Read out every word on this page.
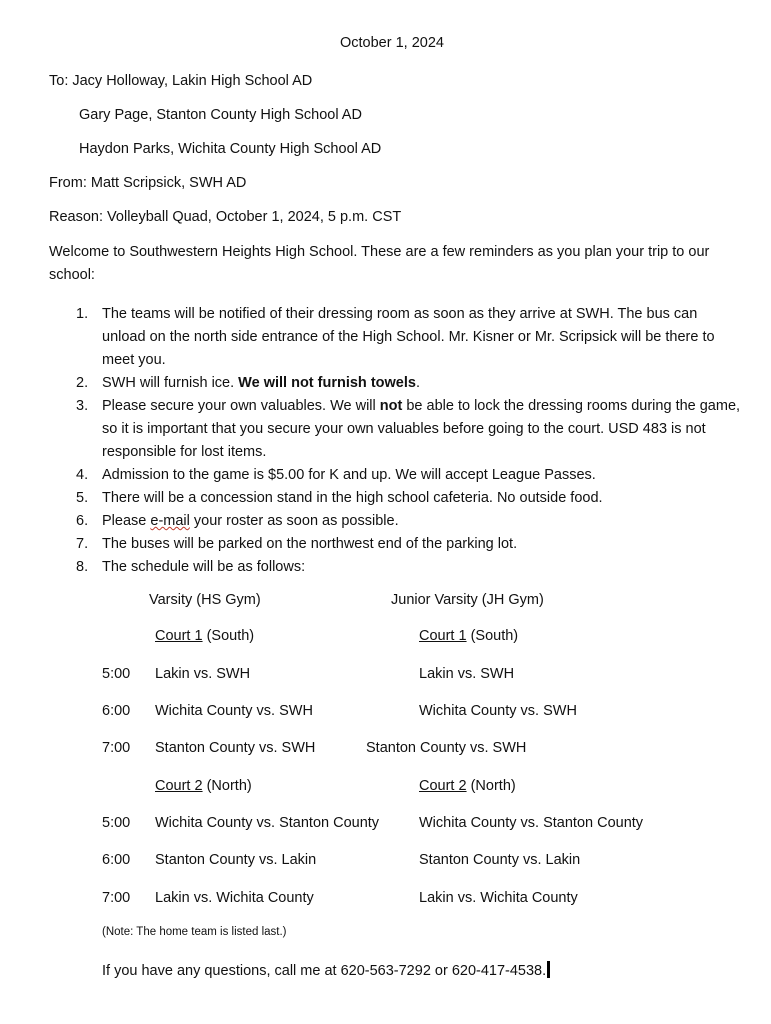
October 1, 2024
To: Jacy Holloway, Lakin High School AD
Gary Page, Stanton County High School AD
Haydon Parks, Wichita County High School AD
From: Matt Scripsick, SWH AD
Reason: Volleyball Quad, October 1, 2024, 5 p.m. CST
Welcome to Southwestern Heights High School. These are a few reminders as you plan your trip to our
school:
1. The teams will be notified of their dressing room as soon as they arrive at SWH. The bus can unload on the north side entrance of the High School. Mr. Kisner or Mr. Scripsick will be there to meet you.
2. SWH will furnish ice. We will not furnish towels.
3. Please secure your own valuables. We will not be able to lock the dressing rooms during the game, so it is important that you secure your own valuables before going to the court. USD 483 is not responsible for lost items.
4. Admission to the game is $5.00 for K and up. We will accept League Passes.
5. There will be a concession stand in the high school cafeteria. No outside food.
6. Please e-mail your roster as soon as possible.
7. The buses will be parked on the northwest end of the parking lot.
8. The schedule will be as follows:
Varsity (HS Gym)	Junior Varsity (JH Gym)
Court 1 (South)	Court 1 (South)
5:00 Lakin vs. SWH	Lakin vs. SWH
6:00 Wichita County vs. SWH	Wichita County vs. SWH
7:00 Stanton County vs. SWH	Stanton County vs. SWH
Court 2 (North)	Court 2 (North)
5:00 Wichita County vs. Stanton County	Wichita County vs. Stanton County
6:00 Stanton County vs. Lakin	Stanton County vs. Lakin
7:00 Lakin vs. Wichita County	Lakin vs. Wichita County
(Note: The home team is listed last.)
If you have any questions, call me at 620-563-7292 or 620-417-4538.
